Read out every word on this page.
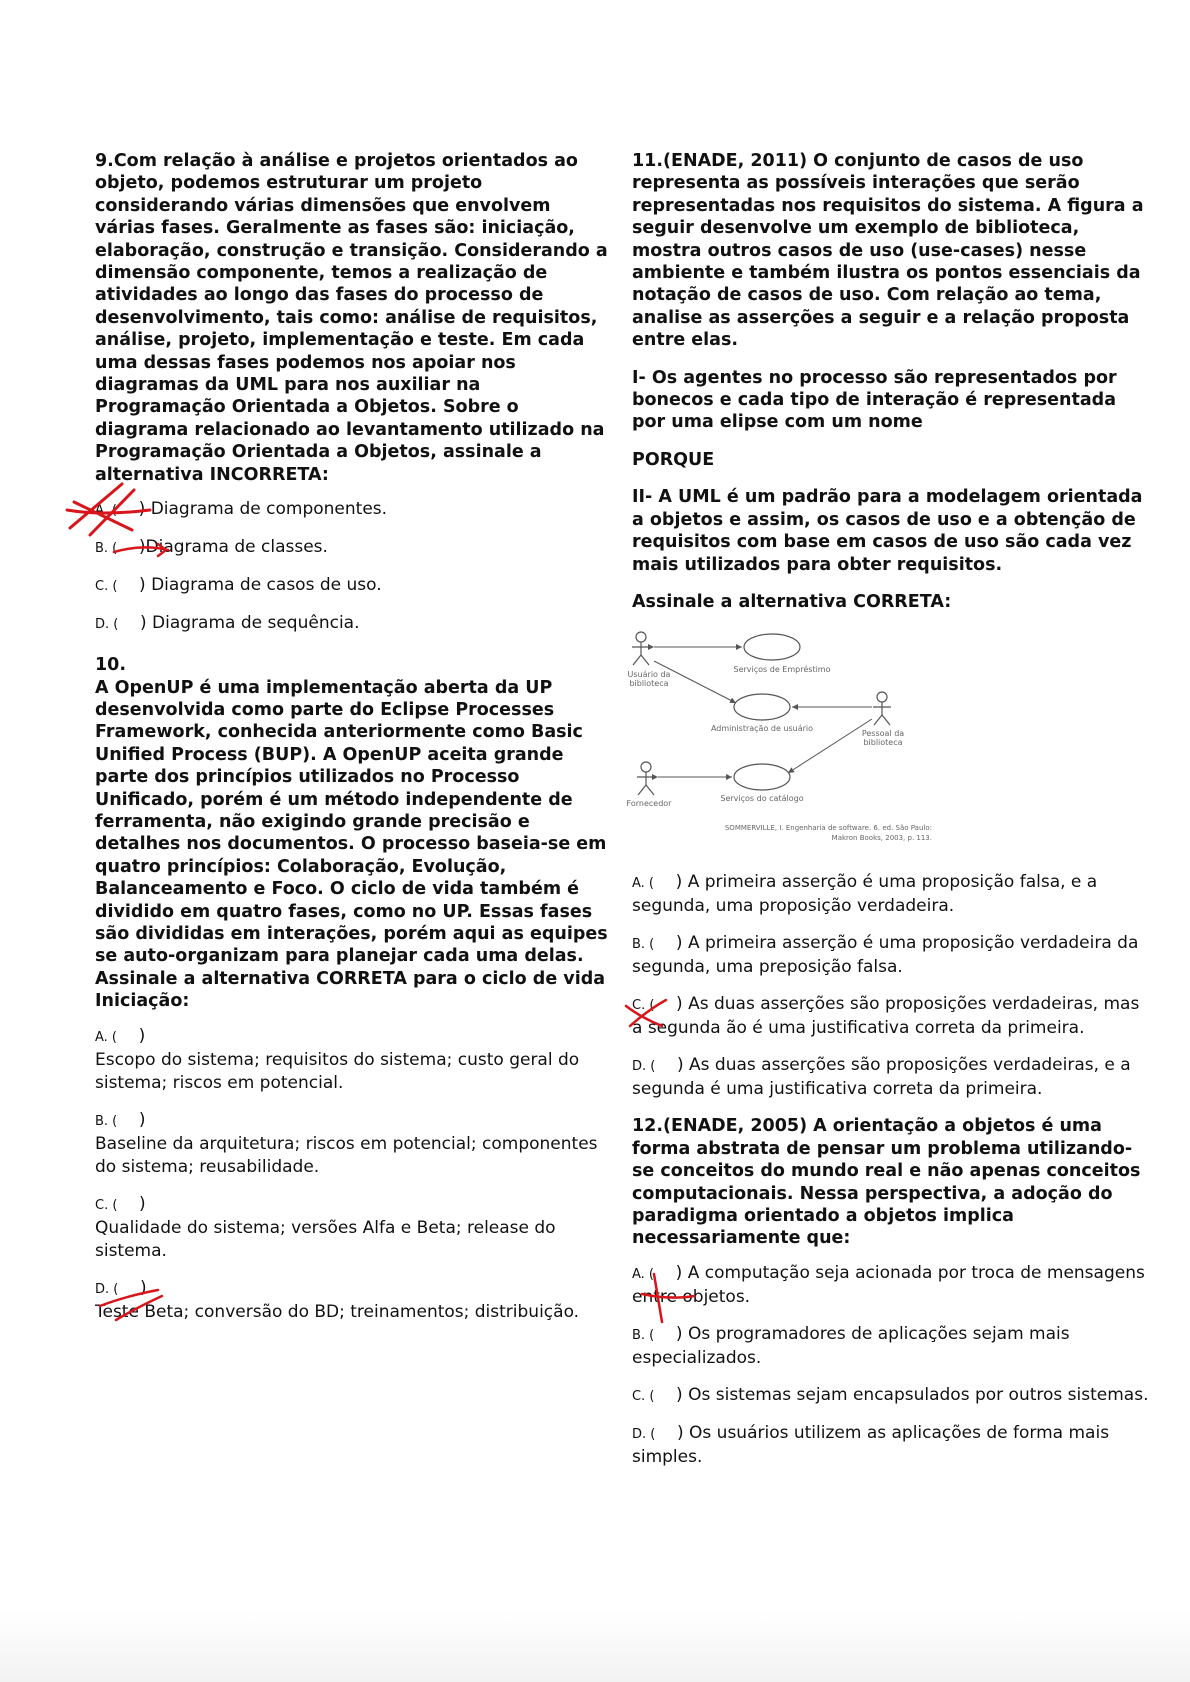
9.Com relação à análise e projetos orientados ao objeto, podemos estruturar um projeto considerando várias dimensões que envolvem várias fases. Geralmente as fases são: iniciação, elaboração, construção e transição. Considerando a dimensão componente, temos a realização de atividades ao longo das fases do processo de desenvolvimento, tais como: análise de requisitos, análise, projeto, implementação e teste. Em cada uma dessas fases podemos nos apoiar nos diagramas da UML para nos auxiliar na Programação Orientada a Objetos. Sobre o diagrama relacionado ao levantamento utilizado na Programação Orientada a Objetos, assinale a alternativa INCORRETA:

A. ( ) Diagrama de componentes.

B. ( )Diagrama de classes.

C. ( ) Diagrama de casos de uso.

D. ( ) Diagrama de sequência.

10.

A OpenUP é uma implementação aberta da UP desenvolvida como parte do Eclipse Processes Framework, conhecida anteriormente como Basic Unified Process (BUP). A OpenUP aceita grande parte dos princípios utilizados no Processo Unificado, porém é um método independente de ferramenta, não exigindo grande precisão e detalhes nos documentos. O processo baseia-se em quatro princípios: Colaboração, Evolução, Balanceamento e Foco. O ciclo de vida também é dividido em quatro fases, como no UP. Essas fases são divididas em interações, porém aqui as equipes se auto-organizam para planejar cada uma delas.

Assinale a alternativa CORRETA para o ciclo de vida Iniciação:

A. ( )

Escopo do sistema; requisitos do sistema; custo geral do sistema; riscos em potencial.

B. ( )

Baseline da arquitetura; riscos em potencial; componentes do sistema; reusabilidade.

C. ( )

Qualidade do sistema; versões Alfa e Beta; release do sistema.

D. ( )

Teste Beta; conversão do BD; treinamentos; distribuição.

11.(ENADE, 2011) O conjunto de casos de uso representa as possíveis interações que serão representadas nos requisitos do sistema. A figura a seguir desenvolve um exemplo de biblioteca, mostra outros casos de uso (use-cases) nesse ambiente e também ilustra os pontos essenciais da notação de casos de uso. Com relação ao tema, analise as asserções a seguir e a relação proposta entre elas.

I- Os agentes no processo são representados por bonecos e cada tipo de interação é representada por uma elipse com um nome

PORQUE

II- A UML é um padrão para a modelagem orientada a objetos e assim, os casos de uso e a obtenção de requisitos com base em casos de uso são cada vez mais utilizados para obter requisitos.

Assinale a alternativa CORRETA:

Usuário da biblioteca
Pessoal da biblioteca
Fornecedor
Serviços de Empréstimo
Administração de usuário
Serviços do catálogo
SOMMERVILLE, I. Engenharia de software. 6. ed. São Paulo:
Makron Books, 2003, p. 113.

A. ( ) A primeira asserção é uma proposição falsa, e a segunda, uma proposição verdadeira.

B. ( ) A primeira asserção é uma proposição verdadeira da segunda, uma preposição falsa.

C. ( ) As duas asserções são proposições verdadeiras, mas a segunda ão é uma justificativa correta da primeira.

D. ( ) As duas asserções são proposições verdadeiras, e a segunda é uma justificativa correta da primeira.

12.(ENADE, 2005) A orientação a objetos é uma forma abstrata de pensar um problema utilizando-se conceitos do mundo real e não apenas conceitos computacionais. Nessa perspectiva, a adoção do paradigma orientado a objetos implica necessariamente que:

A. ( ) A computação seja acionada por troca de mensagens entre objetos.

B. ( ) Os programadores de aplicações sejam mais especializados.

C. ( ) Os sistemas sejam encapsulados por outros sistemas.

D. ( ) Os usuários utilizem as aplicações de forma mais simples.
